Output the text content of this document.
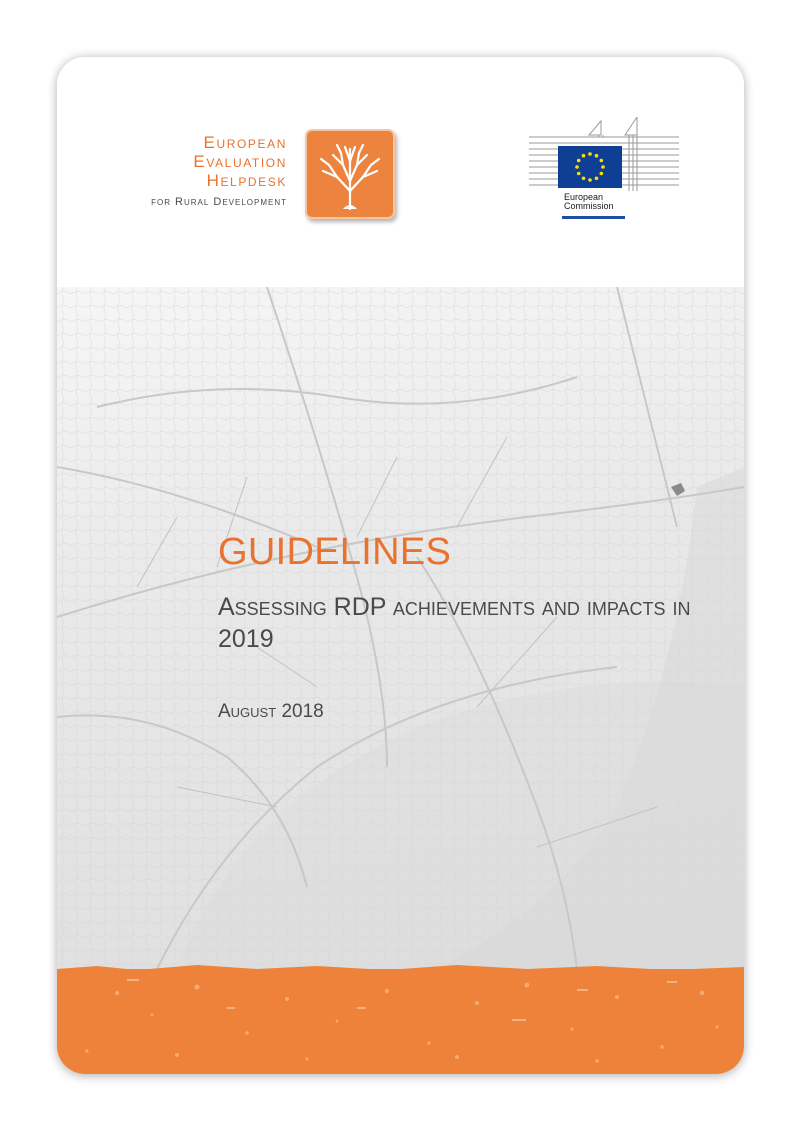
European
Evaluation
Helpdesk
for Rural Development	European
Commission
GUIDELINES
Assessing RDP achievements and impacts in 2019
August 2018
